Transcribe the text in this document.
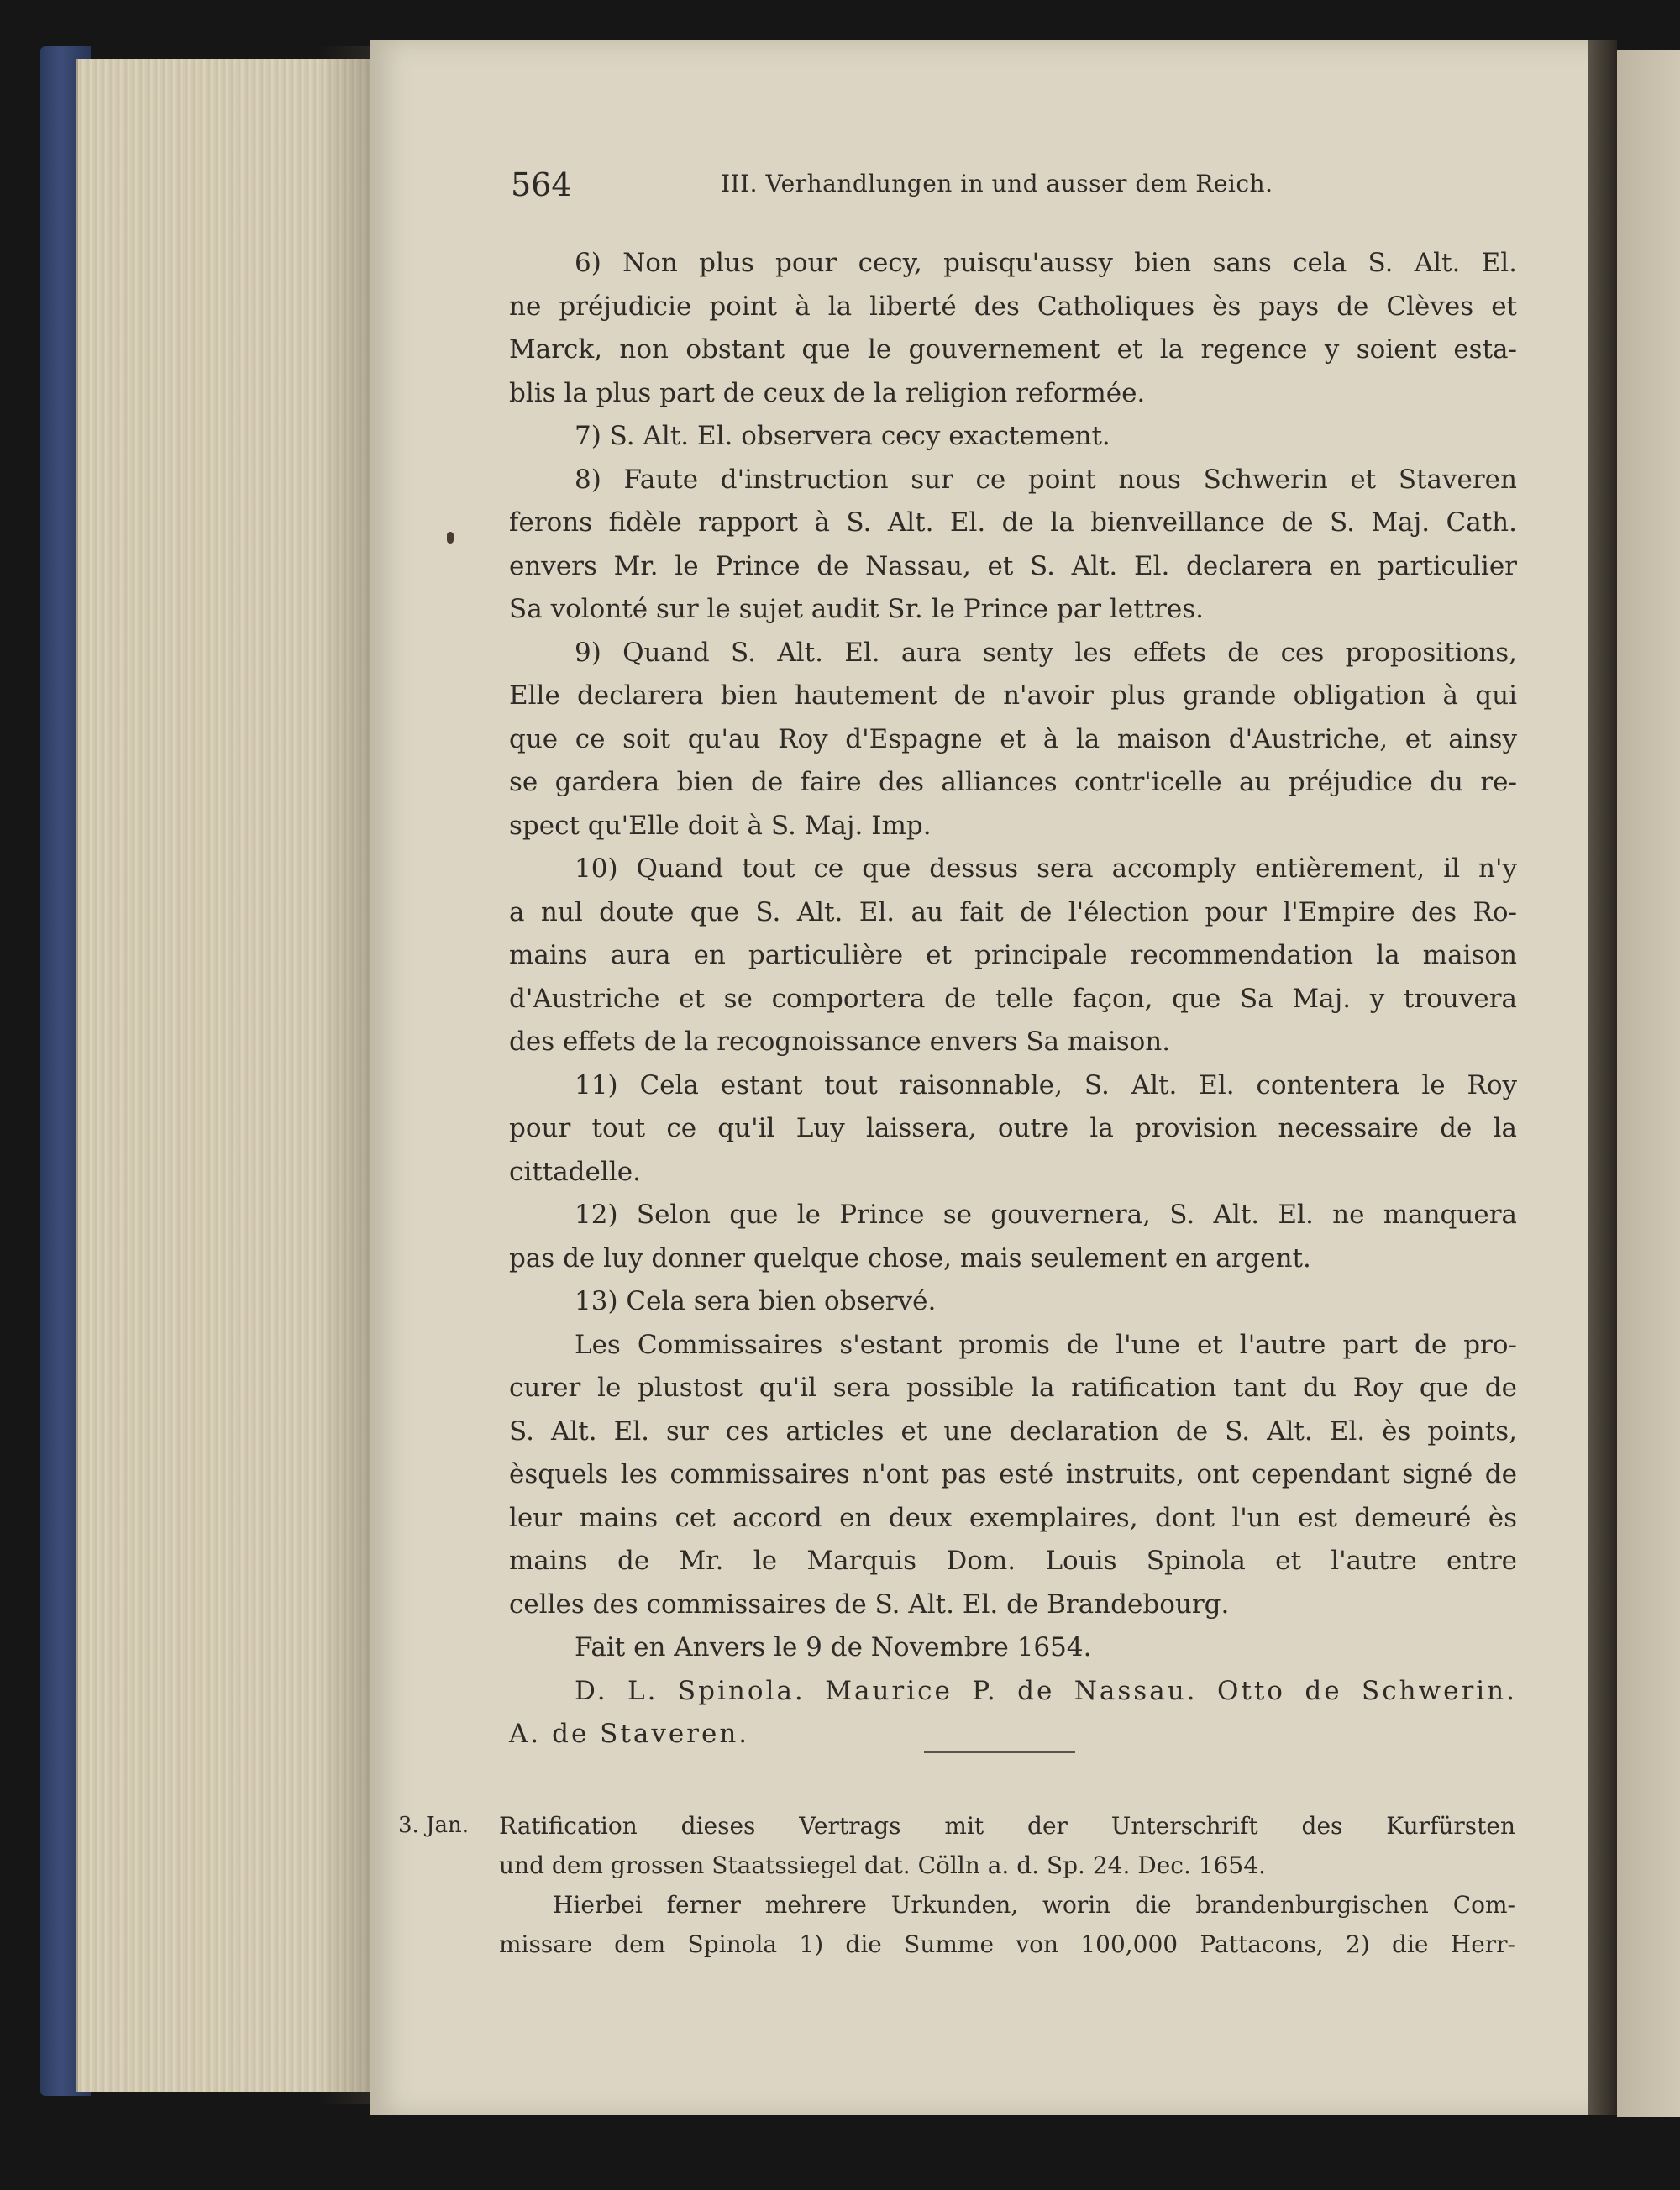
564	III. Verhandlungen in und ausser dem Reich.
6) Non plus pour cecy, puisqu'aussy bien sans cela S. Alt. El.
ne préjudicie point à la liberté des Catholiques ès pays de Clèves et
Marck, non obstant que le gouvernement et la regence y soient esta-
blis la plus part de ceux de la religion reformée.
7) S. Alt. El. observera cecy exactement.
8) Faute d'instruction sur ce point nous Schwerin et Staveren
ferons fidèle rapport à S. Alt. El. de la bienveillance de S. Maj. Cath.
envers Mr. le Prince de Nassau, et S. Alt. El. declarera en particulier
Sa volonté sur le sujet audit Sr. le Prince par lettres.
9) Quand S. Alt. El. aura senty les effets de ces propositions,
Elle declarera bien hautement de n'avoir plus grande obligation à qui
que ce soit qu'au Roy d'Espagne et à la maison d'Austriche, et ainsy
se gardera bien de faire des alliances contr'icelle au préjudice du re-
spect qu'Elle doit à S. Maj. Imp.
10) Quand tout ce que dessus sera accomply entièrement, il n'y
a nul doute que S. Alt. El. au fait de l'élection pour l'Empire des Ro-
mains aura en particulière et principale recommendation la maison
d'Austriche et se comportera de telle façon, que Sa Maj. y trouvera
des effets de la recognoissance envers Sa maison.
11) Cela estant tout raisonnable, S. Alt. El. contentera le Roy
pour tout ce qu'il Luy laissera, outre la provision necessaire de la
cittadelle.
12) Selon que le Prince se gouvernera, S. Alt. El. ne manquera
pas de luy donner quelque chose, mais seulement en argent.
13) Cela sera bien observé.
Les Commissaires s'estant promis de l'une et l'autre part de pro-
curer le plustost qu'il sera possible la ratification tant du Roy que de
S. Alt. El. sur ces articles et une declaration de S. Alt. El. ès points,
èsquels les commissaires n'ont pas esté instruits, ont cependant signé de
leur mains cet accord en deux exemplaires, dont l'un est demeuré ès
mains de Mr. le Marquis Dom. Louis Spinola et l'autre entre
celles des commissaires de S. Alt. El. de Brandebourg.
Fait en Anvers le 9 de Novembre 1654.
D. L. Spinola. Maurice P. de Nassau. Otto de Schwerin.
A. de Staveren.
3. Jan.	Ratification dieses Vertrags mit der Unterschrift des Kurfürsten
und dem grossen Staatssiegel dat. Cölln a. d. Sp. 24. Dec. 1654.
Hierbei ferner mehrere Urkunden, worin die brandenburgischen Com-
missare dem Spinola 1) die Summe von 100,000 Pattacons, 2) die Herr-
